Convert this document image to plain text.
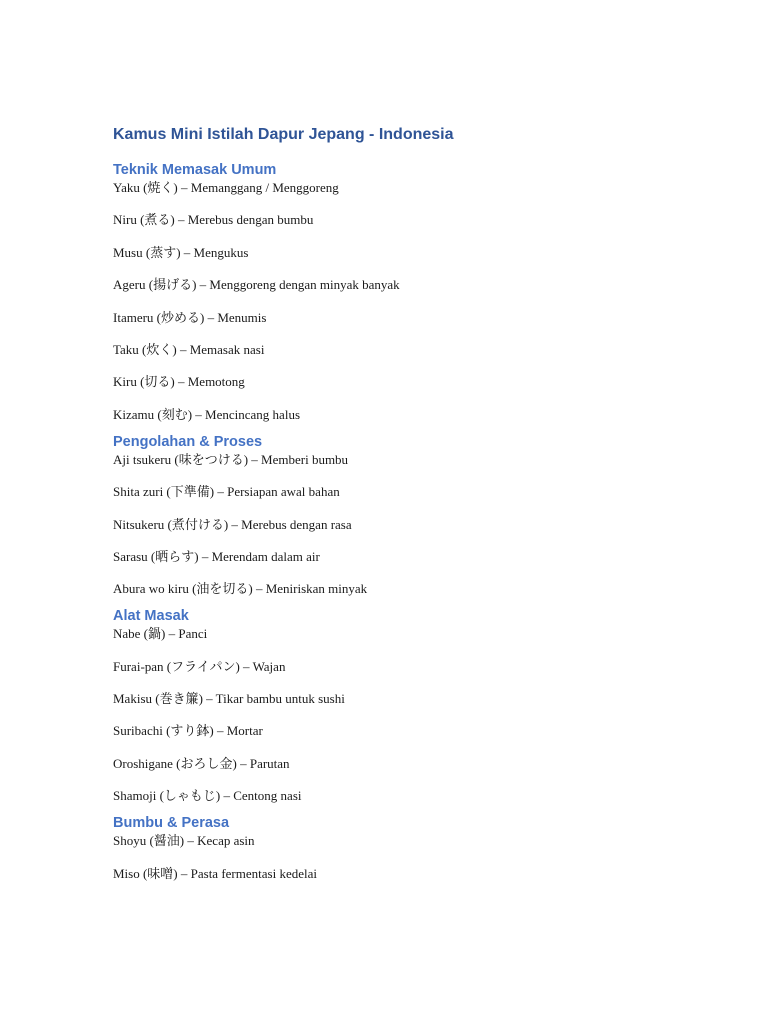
Kamus Mini Istilah Dapur Jepang - Indonesia
Teknik Memasak Umum
Yaku (焼く) – Memanggang / Menggoreng
Niru (煮る) – Merebus dengan bumbu
Musu (蒸す) – Mengukus
Ageru (揚げる) – Menggoreng dengan minyak banyak
Itameru (炒める) – Menumis
Taku (炊く) – Memasak nasi
Kiru (切る) – Memotong
Kizamu (刻む) – Mencincang halus
Pengolahan & Proses
Aji tsukeru (味をつける) – Memberi bumbu
Shita zuri (下準備) – Persiapan awal bahan
Nitsukeru (煮付ける) – Merebus dengan rasa
Sarasu (晒らす) – Merendam dalam air
Abura wo kiru (油を切る) – Meniriskan minyak
Alat Masak
Nabe (鍋) – Panci
Furai-pan (フライパン) – Wajan
Makisu (巻き簾) – Tikar bambu untuk sushi
Suribachi (すり鉢) – Mortar
Oroshigane (おろし金) – Parutan
Shamoji (しゃもじ) – Centong nasi
Bumbu & Perasa
Shoyu (醤油) – Kecap asin
Miso (味噌) – Pasta fermentasi kedelai
